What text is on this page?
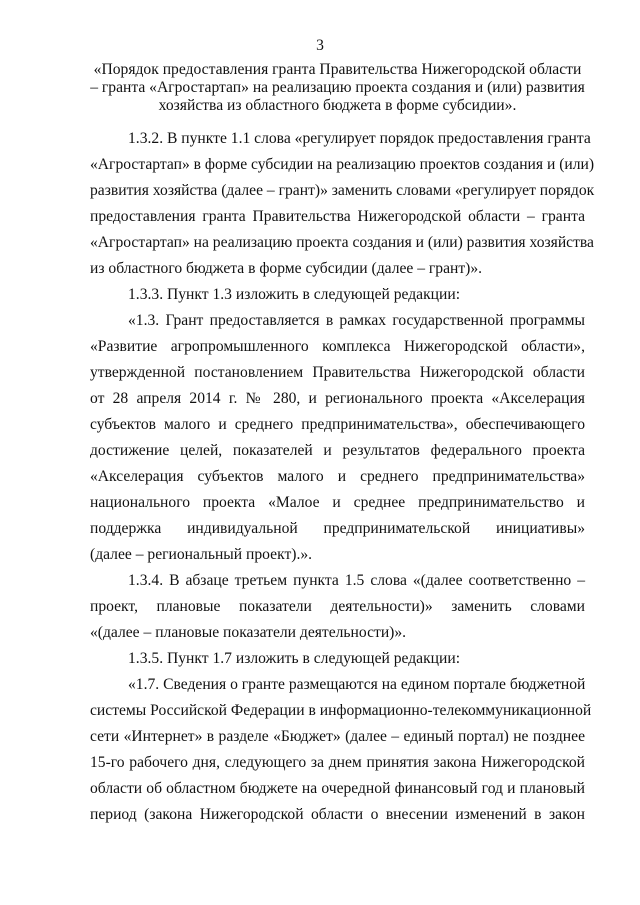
3
«Порядок предоставления гранта Правительства Нижегородской области
– гранта «Агростартап» на реализацию проекта создания и (или) развития
хозяйства из областного бюджета в форме субсидии».
1.3.2. В пункте 1.1 слова «регулирует порядок предоставления гранта
«Агростартап» в форме субсидии на реализацию проектов создания и (или)
развития хозяйства (далее – грант)» заменить словами «регулирует порядок
предоставления гранта Правительства Нижегородской области – гранта
«Агростартап» на реализацию проекта создания и (или) развития хозяйства
из областного бюджета в форме субсидии (далее – грант)».
1.3.3. Пункт 1.3 изложить в следующей редакции:
«1.3. Грант предоставляется в рамках государственной программы
«Развитие агропромышленного комплекса Нижегородской области»,
утвержденной постановлением Правительства Нижегородской области
от 28 апреля 2014 г. № 280, и регионального проекта «Акселерация
субъектов малого и среднего предпринимательства», обеспечивающего
достижение целей, показателей и результатов федерального проекта
«Акселерация субъектов малого и среднего предпринимательства»
национального проекта «Малое и среднее предпринимательство и
поддержка индивидуальной предпринимательской инициативы»
(далее – региональный проект).».
1.3.4. В абзаце третьем пункта 1.5 слова «(далее соответственно –
проект, плановые показатели деятельности)» заменить словами
«(далее – плановые показатели деятельности)».
1.3.5. Пункт 1.7 изложить в следующей редакции:
«1.7. Сведения о гранте размещаются на едином портале бюджетной
системы Российской Федерации в информационно-телекоммуникационной
сети «Интернет» в разделе «Бюджет» (далее – единый портал) не позднее
15-го рабочего дня, следующего за днем принятия закона Нижегородской
области об областном бюджете на очередной финансовый год и плановый
период (закона Нижегородской области о внесении изменений в закон
